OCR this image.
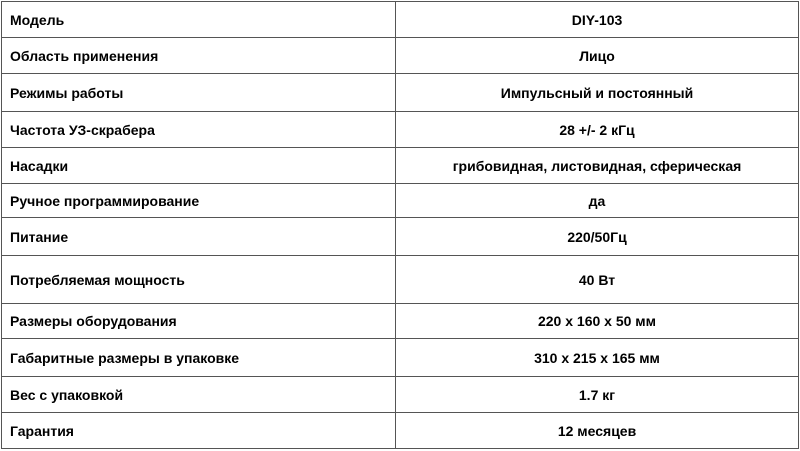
Модель	DIY-103
Область применения	Лицо
Режимы работы	Импульсный и постоянный
Частота УЗ-скрабера	28 +/- 2 кГц
Насадки	грибовидная, листовидная, сферическая
Ручное программирование	да
Питание	220/50Гц
Потребляемая мощность	40 Вт
Размеры оборудования	220 х 160 х 50 мм
Габаритные размеры в упаковке	310 х 215 х 165 мм
Вес с упаковкой	1.7 кг
Гарантия	12 месяцев
